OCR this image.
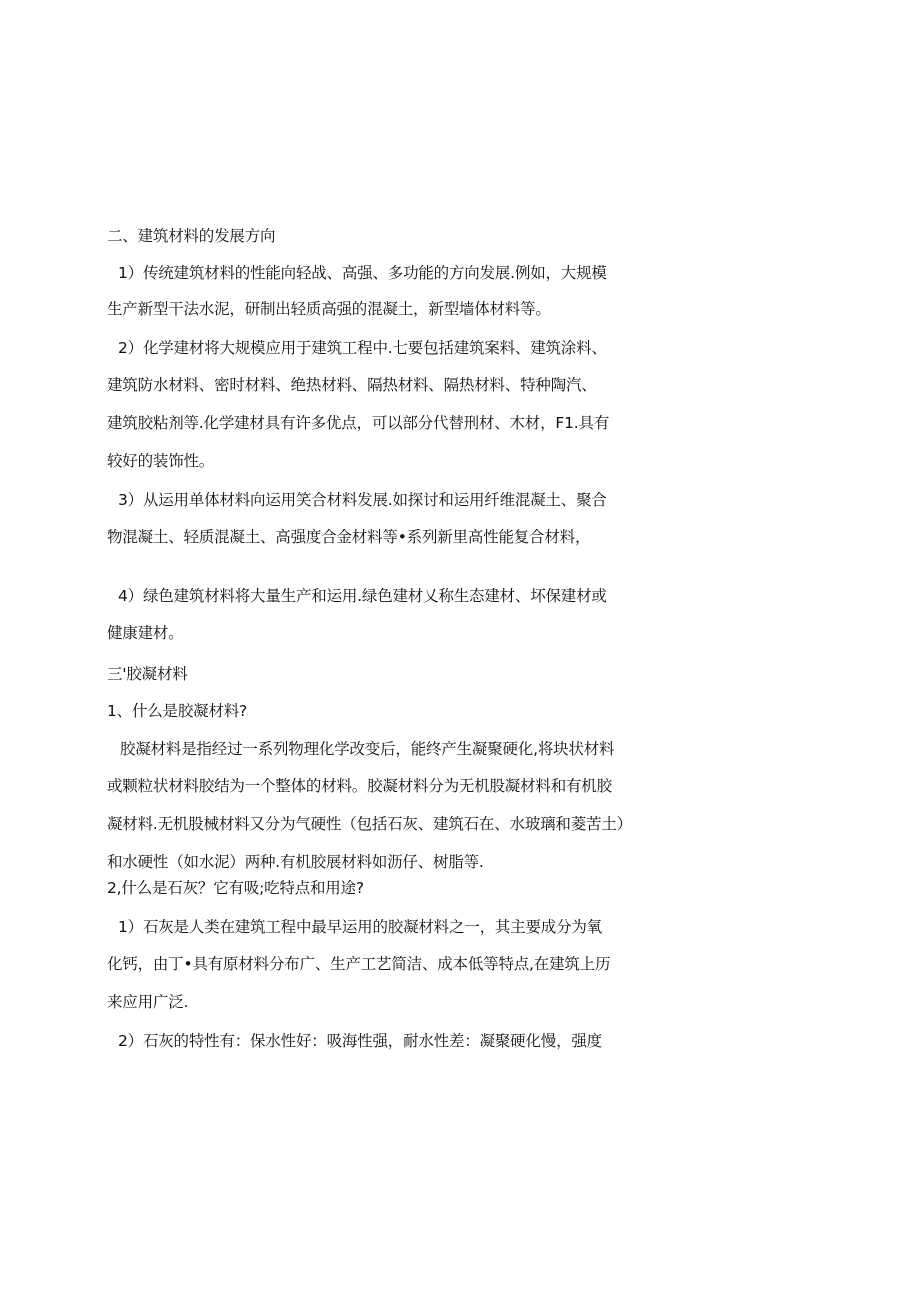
二、建筑材料的发展方向
1）传统建筑材料的性能向轻战、高强、多功能的方向发展.例如，大规模
生产新型干法水泥，研制出轻质高强的混凝土，新型墙体材料等。
2）化学建材将大规模应用于建筑工程中.七要包括建筑案料、建筑涂料、
建筑防水材料、密时材料、绝热材料、隔热材料、隔热材料、特种陶汽、
建筑胶粘剂等.化学建材具有许多优点，可以部分代替刑材、木材，F1.具有
较好的装饰性。
3）从运用单体材料向运用笑合材料发展.如探讨和运用纤维混凝土、聚合
物混凝土、轻质混凝土、高强度合金材料等•系列新里高性能复合材料，
4）绿色建筑材料将大量生产和运用.绿色建材乂称生态建材、坏保建材或
健康建材。
三'胶凝材料
1、什么是胶凝材料?
胶凝材料是指经过一系列物理化学改变后，能终产生凝聚硬化,将块状材料
或颗粒状材料胶结为一个整体的材料。胶凝材料分为无机股凝材料和有机胶
凝材料.无机股械材料又分为气硬性（包括石灰、建筑石在、水玻璃和菱苦土）
和水硬性（如水泥）两种.有机胶展材料如沥仔、树脂等.
2,什么是石灰？它有吸;吃特点和用途?
1）石灰是人类在建筑工程中最早运用的胶凝材料之一，其主要成分为氧
化钙，由丁•具有原材料分布广、生产工艺简洁、成本低等特点,在建筑上历
来应用广泛.
2）石灰的特性有：保水性好：吸海性强，耐水性差：凝聚硬化慢，强度
